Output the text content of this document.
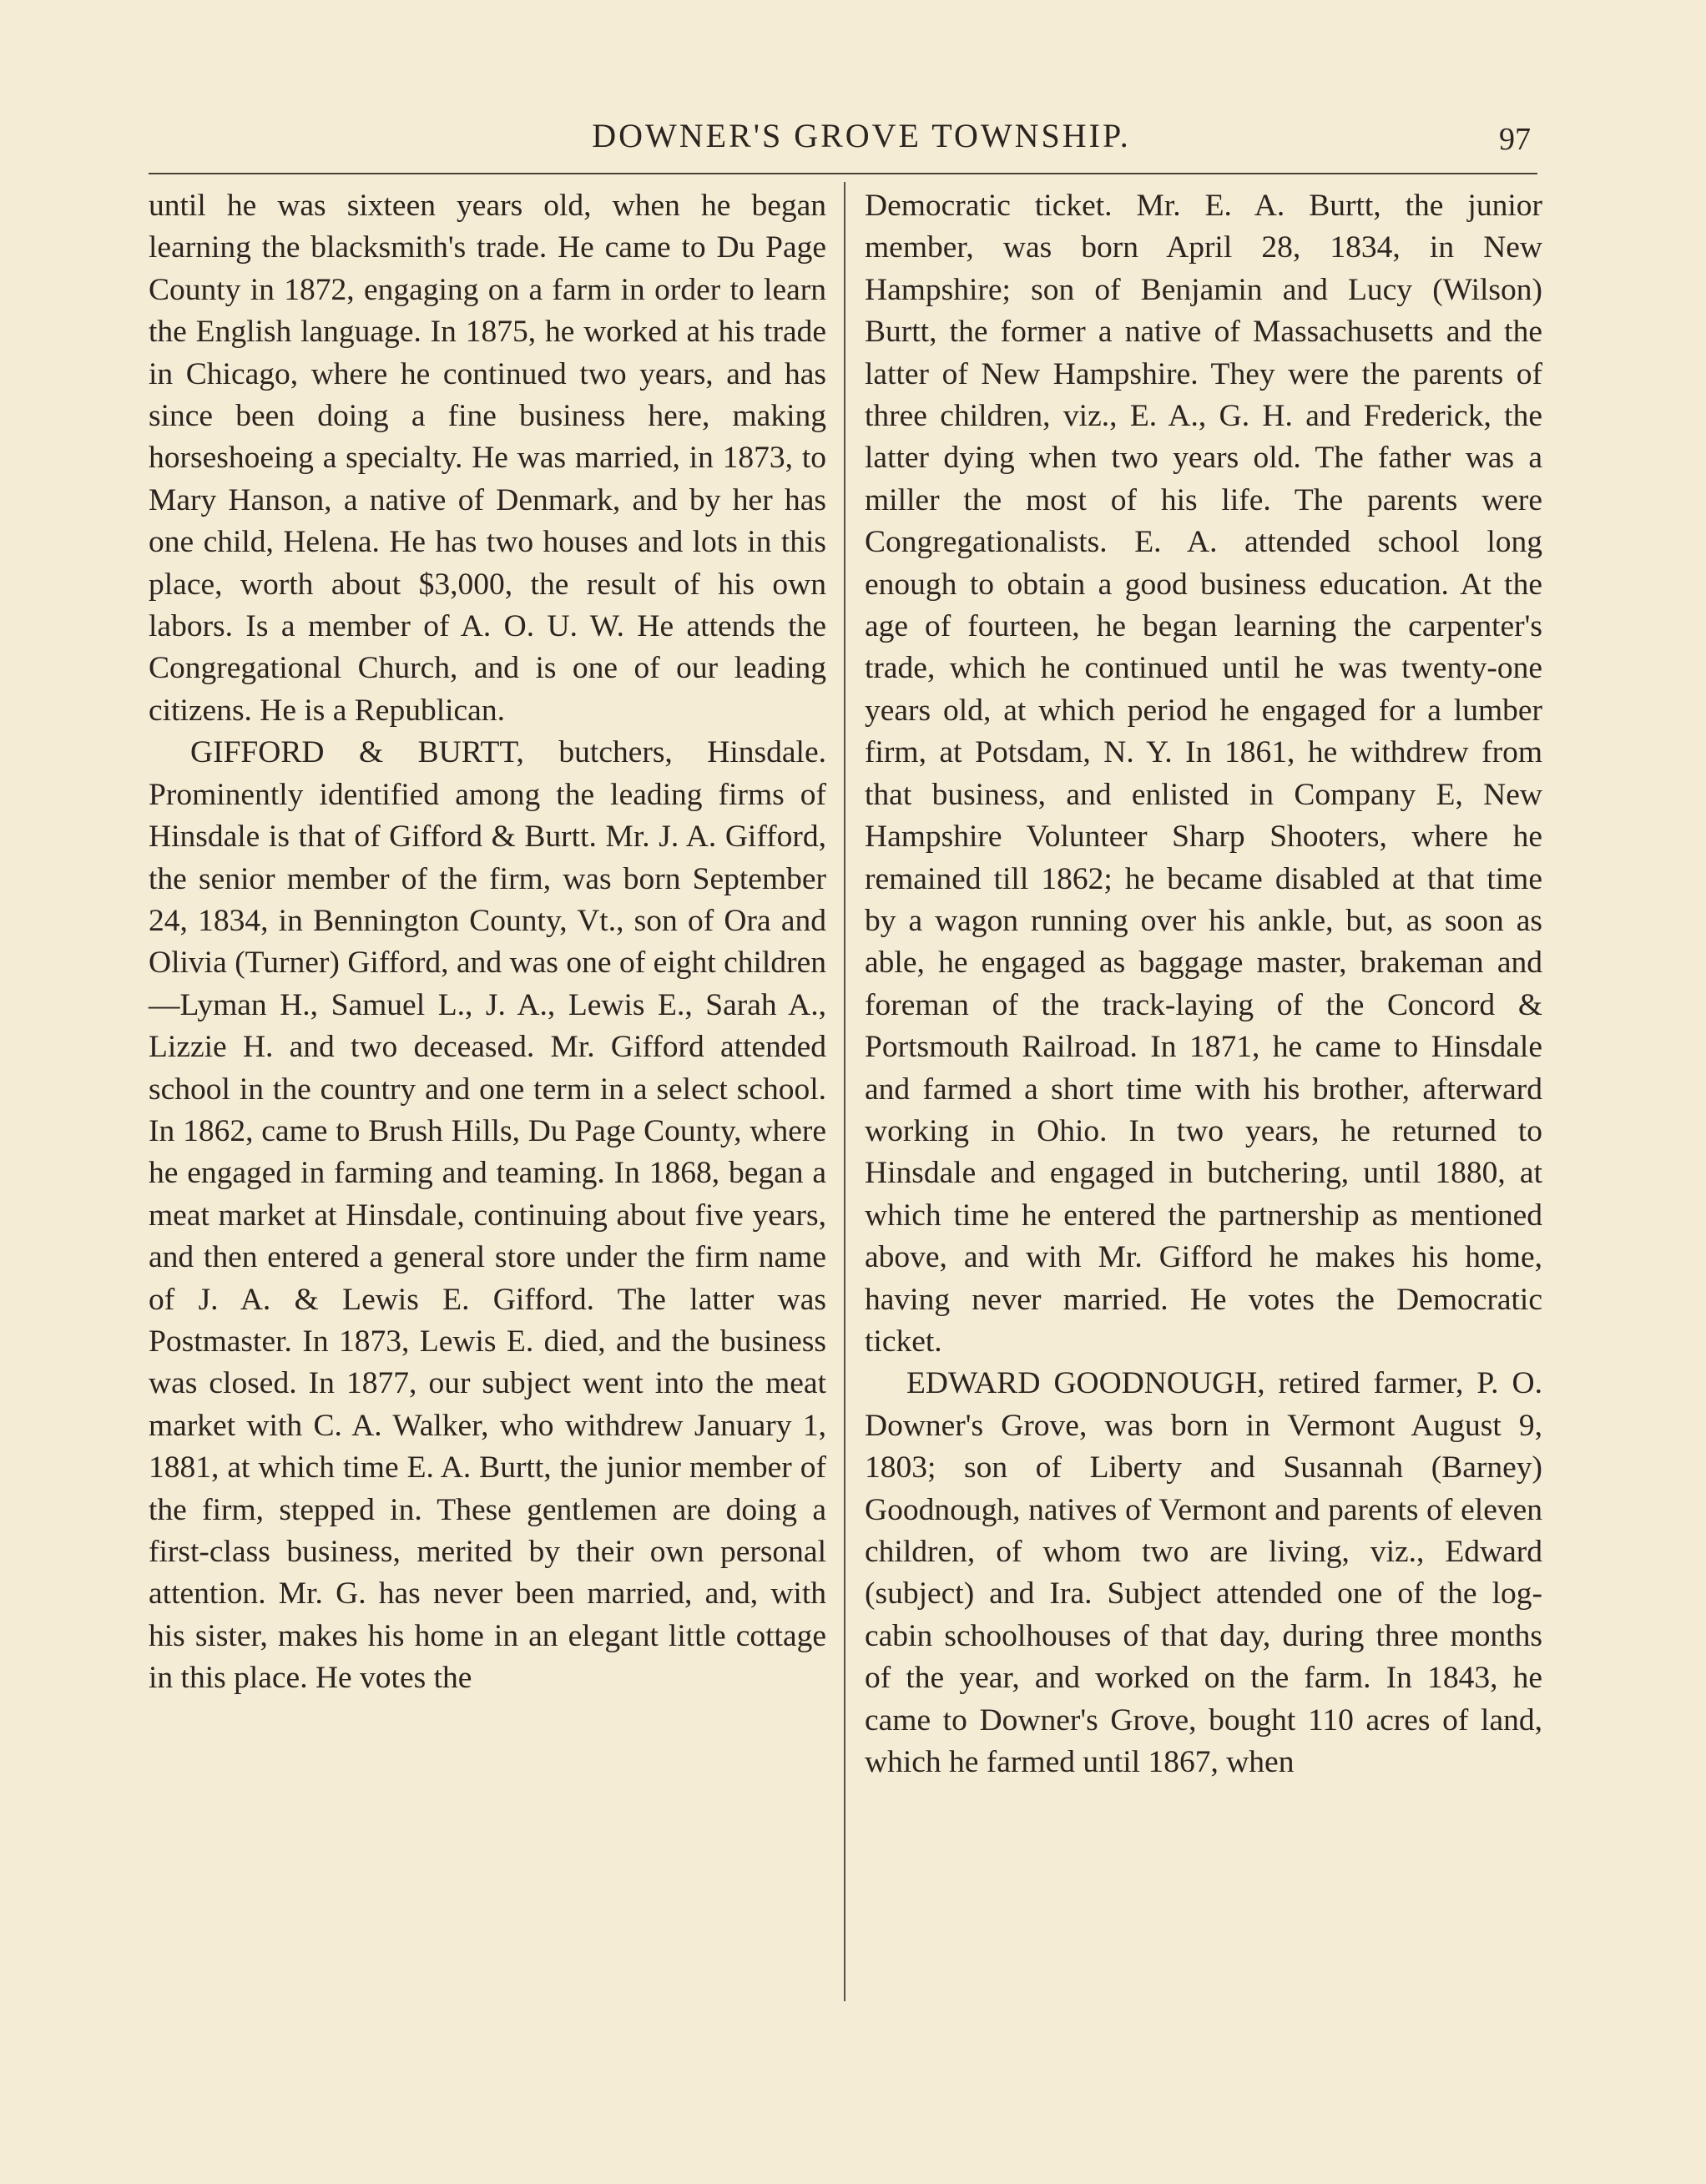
DOWNER'S GROVE TOWNSHIP.	97

until he was sixteen years old, when he began learning the blacksmith's trade. He came to Du Page County in 1872, engaging on a farm in order to learn the English language. In 1875, he worked at his trade in Chicago, where he continued two years, and has since been doing a fine business here, making horseshoeing a specialty. He was married, in 1873, to Mary Hanson, a native of Denmark, and by her has one child, Helena. He has two houses and lots in this place, worth about $3,000, the result of his own labors. Is a member of A. O. U. W. He attends the Congregational Church, and is one of our leading citizens. He is a Republican.

GIFFORD & BURTT, butchers, Hinsdale. Prominently identified among the leading firms of Hinsdale is that of Gifford & Burtt. Mr. J. A. Gifford, the senior member of the firm, was born September 24, 1834, in Bennington County, Vt., son of Ora and Olivia (Turner) Gifford, and was one of eight children—Lyman H., Samuel L., J. A., Lewis E., Sarah A., Lizzie H. and two deceased. Mr. Gifford attended school in the country and one term in a select school. In 1862, came to Brush Hills, Du Page County, where he engaged in farming and teaming. In 1868, began a meat market at Hinsdale, continuing about five years, and then entered a general store under the firm name of J. A. & Lewis E. Gifford. The latter was Postmaster. In 1873, Lewis E. died, and the business was closed. In 1877, our subject went into the meat market with C. A. Walker, who withdrew January 1, 1881, at which time E. A. Burtt, the junior member of the firm, stepped in. These gentlemen are doing a first-class business, merited by their own personal attention. Mr. G. has never been married, and, with his sister, makes his home in an elegant little cottage in this place. He votes the

Democratic ticket. Mr. E. A. Burtt, the junior member, was born April 28, 1834, in New Hampshire; son of Benjamin and Lucy (Wilson) Burtt, the former a native of Massachusetts and the latter of New Hampshire. They were the parents of three children, viz., E. A., G. H. and Frederick, the latter dying when two years old. The father was a miller the most of his life. The parents were Congregationalists. E. A. attended school long enough to obtain a good business education. At the age of fourteen, he began learning the carpenter's trade, which he continued until he was twenty-one years old, at which period he engaged for a lumber firm, at Potsdam, N. Y. In 1861, he withdrew from that business, and enlisted in Company E, New Hampshire Volunteer Sharp Shooters, where he remained till 1862; he became disabled at that time by a wagon running over his ankle, but, as soon as able, he engaged as baggage master, brakeman and foreman of the track-laying of the Concord & Portsmouth Railroad. In 1871, he came to Hinsdale and farmed a short time with his brother, afterward working in Ohio. In two years, he returned to Hinsdale and engaged in butchering, until 1880, at which time he entered the partnership as mentioned above, and with Mr. Gifford he makes his home, having never married. He votes the Democratic ticket.

EDWARD GOODNOUGH, retired farmer, P. O. Downer's Grove, was born in Vermont August 9, 1803; son of Liberty and Susannah (Barney) Goodnough, natives of Vermont and parents of eleven children, of whom two are living, viz., Edward (subject) and Ira. Subject attended one of the log-cabin schoolhouses of that day, during three months of the year, and worked on the farm. In 1843, he came to Downer's Grove, bought 110 acres of land, which he farmed until 1867, when
